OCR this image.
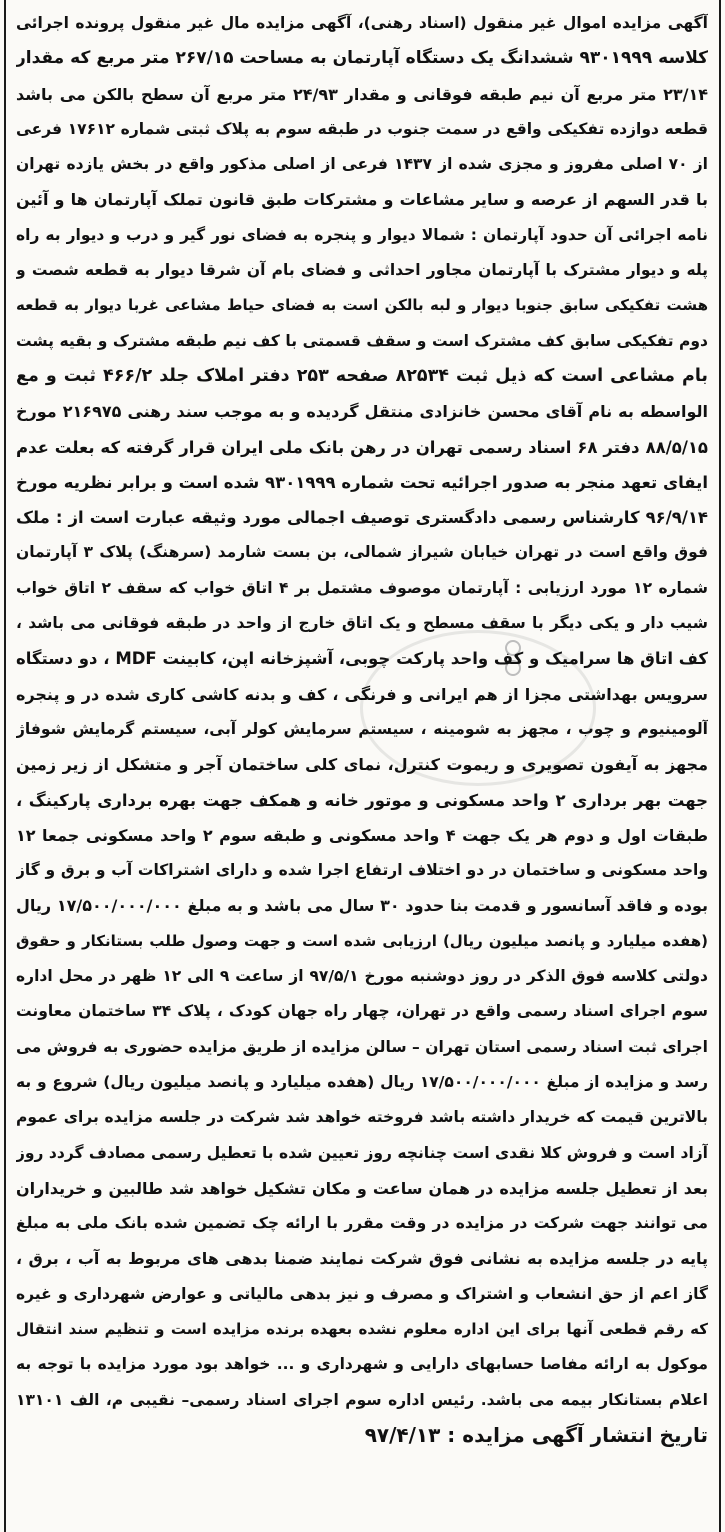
آگهی مزایده اموال غیر منقول (اسناد رهنی)، آگهی مزایده مال غیر منقول پرونده اجرائی
کلاسه ۹۳۰۱۹۹۹ ششدانگ یک دستگاه آپارتمان به مساحت ۲۶۷/۱۵ متر مربع که مقدار
۲۳/۱۴ متر مربع آن نیم طبقه فوقانی و مقدار ۲۴/۹۳ متر مربع آن سطح بالکن می باشد
قطعه دوازده تفکیکی واقع در سمت جنوب در طبقه سوم به پلاک ثبتی شماره ۱۷۶۱۲ فرعی
از ۷۰ اصلی مفروز و مجزی شده از ۱۴۳۷ فرعی از اصلی مذکور واقع در بخش یازده تهران
با قدر السهم از عرصه و سایر مشاعات و مشترکات طبق قانون تملک آپارتمان ها و آئین
نامه اجرائی آن حدود آپارتمان : شمالا دیوار و پنجره به فضای نور گیر و درب و دیوار به راه
پله و دیوار مشترک با آپارتمان مجاور احداثی و فضای بام آن شرقا دیوار به قطعه شصت و
هشت تفکیکی سابق جنوبا دیوار و لبه بالکن است به فضای حیاط مشاعی غربا دیوار به قطعه
دوم تفکیکی سابق کف مشترک است و سقف قسمتی با کف نیم طبقه مشترک و بقیه پشت
بام مشاعی است که ذیل ثبت ۸۲۵۳۴ صفحه ۲۵۳ دفتر املاک جلد ۴۶۶/۲ ثبت و مع
الواسطه به نام آقای محسن خانزادی منتقل گردیده و به موجب سند رهنی ۲۱۶۹۷۵ مورخ
۸۸/۵/۱۵ دفتر ۶۸ اسناد رسمی تهران در رهن بانک ملی ایران قرار گرفته که بعلت عدم
ایفای تعهد منجر به صدور اجرائیه تحت شماره ۹۳۰۱۹۹۹ شده است و برابر نظریه مورخ
۹۶/۹/۱۴ کارشناس رسمی دادگستری توصیف اجمالی مورد وثیقه عبارت است از : ملک
فوق واقع است در تهران خیابان شیراز شمالی، بن بست شارمد (سرهنگ) پلاک ۳ آپارتمان
شماره ۱۲ مورد ارزیابی : آپارتمان موصوف مشتمل بر ۴ اتاق خواب که سقف ۲ اتاق خواب
شیب دار و یکی دیگر با سقف مسطح و یک اتاق خارج از واحد در طبقه فوقانی می باشد ،
کف اتاق ها سرامیک و کف واحد پارکت چوبی، آشپزخانه اپن، کابینت MDF ، دو دستگاه
سرویس بهداشتی مجزا از هم ایرانی و فرنگی ، کف و بدنه کاشی کاری شده در و پنجره
آلومینیوم و چوب ، مجهز به شومینه ، سیستم سرمایش کولر آبی، سیستم گرمایش شوفاژ
مجهز به آیفون تصویری و ریموت کنترل، نمای کلی ساختمان آجر و متشکل از زیر زمین
جهت بهر برداری ۲ واحد مسکونی و موتور خانه و همکف جهت بهره برداری پارکینگ ،
طبقات اول و دوم هر یک جهت ۴ واحد مسکونی و طبقه سوم ۲ واحد مسکونی جمعا ۱۲
واحد مسکونی و ساختمان در دو اختلاف ارتفاع اجرا شده و دارای اشتراکات آب و برق و گاز
بوده و فاقد آسانسور و قدمت بنا حدود ۳۰ سال می باشد و به مبلغ ۱۷/۵۰۰/۰۰۰/۰۰۰ ریال
(هفده میلیارد و پانصد میلیون ریال) ارزیابی شده است و جهت وصول طلب بستانکار و حقوق
دولتی کلاسه فوق الذکر در روز دوشنبه مورخ ۹۷/۵/۱ از ساعت ۹ الی ۱۲ ظهر در محل اداره
سوم اجرای اسناد رسمی واقع در تهران، چهار راه جهان کودک ، پلاک ۳۴ ساختمان معاونت
اجرای ثبت اسناد رسمی استان تهران – سالن مزایده از طریق مزایده حضوری به فروش می
رسد و مزایده از مبلغ ۱۷/۵۰۰/۰۰۰/۰۰۰ ریال (هفده میلیارد و پانصد میلیون ریال) شروع و به
بالاترین قیمت که خریدار داشته باشد فروخته خواهد شد شرکت در جلسه مزایده برای عموم
آزاد است و فروش کلا نقدی است چنانچه روز تعیین شده با تعطیل رسمی مصادف گردد روز
بعد از تعطیل جلسه مزایده در همان ساعت و مکان تشکیل خواهد شد طالبین و خریداران
می توانند جهت شرکت در مزایده در وقت مقرر با ارائه چک تضمین شده بانک ملی به مبلغ
پایه در جلسه مزایده به نشانی فوق شرکت نمایند ضمنا بدهی های مربوط به آب ، برق ،
گاز اعم از حق انشعاب و اشتراک و مصرف و نیز بدهی مالیاتی و عوارض شهرداری و غیره
که رقم قطعی آنها برای این اداره معلوم نشده بعهده برنده مزایده است و تنظیم سند انتقال
موکول به ارائه مفاصا حسابهای دارایی و شهرداری و ... خواهد بود مورد مزایده با توجه به
اعلام بستانکار بیمه می باشد. رئیس اداره سوم اجرای اسناد رسمی– نقیبی م، الف ۱۳۱۰۱
تاریخ انتشار آگهی مزایده : ۹۷/۴/۱۳
